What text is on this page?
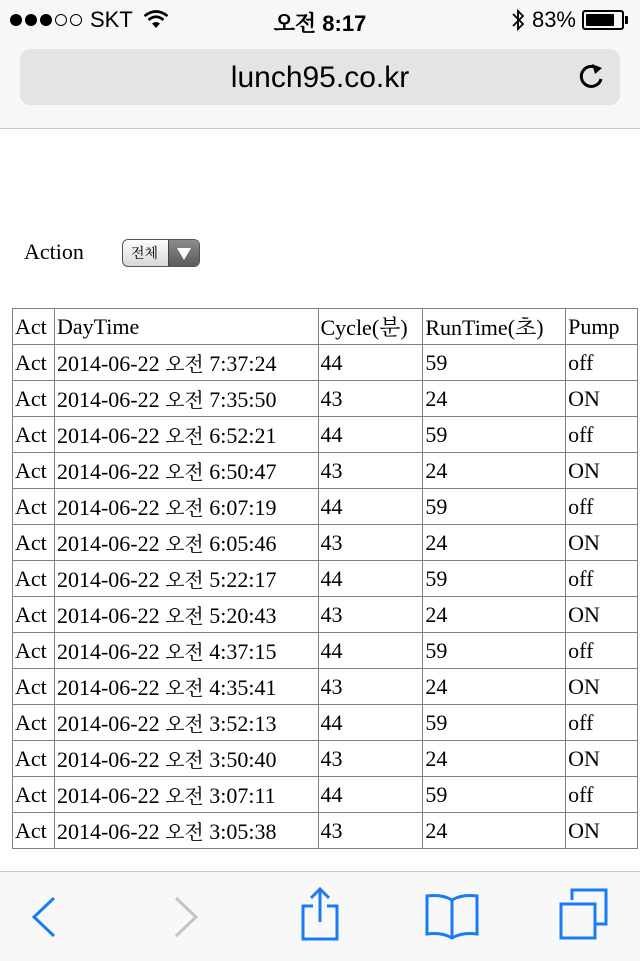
SKT	오전 8:17	83%
lunch95.co.kr
Action	전체
Act	DayTime	Cycle(분)	RunTime(초)	Pump
Act	2014-06-22 오전 7:37:24	44	59	off
Act	2014-06-22 오전 7:35:50	43	24	ON
Act	2014-06-22 오전 6:52:21	44	59	off
Act	2014-06-22 오전 6:50:47	43	24	ON
Act	2014-06-22 오전 6:07:19	44	59	off
Act	2014-06-22 오전 6:05:46	43	24	ON
Act	2014-06-22 오전 5:22:17	44	59	off
Act	2014-06-22 오전 5:20:43	43	24	ON
Act	2014-06-22 오전 4:37:15	44	59	off
Act	2014-06-22 오전 4:35:41	43	24	ON
Act	2014-06-22 오전 3:52:13	44	59	off
Act	2014-06-22 오전 3:50:40	43	24	ON
Act	2014-06-22 오전 3:07:11	44	59	off
Act	2014-06-22 오전 3:05:38	43	24	ON
